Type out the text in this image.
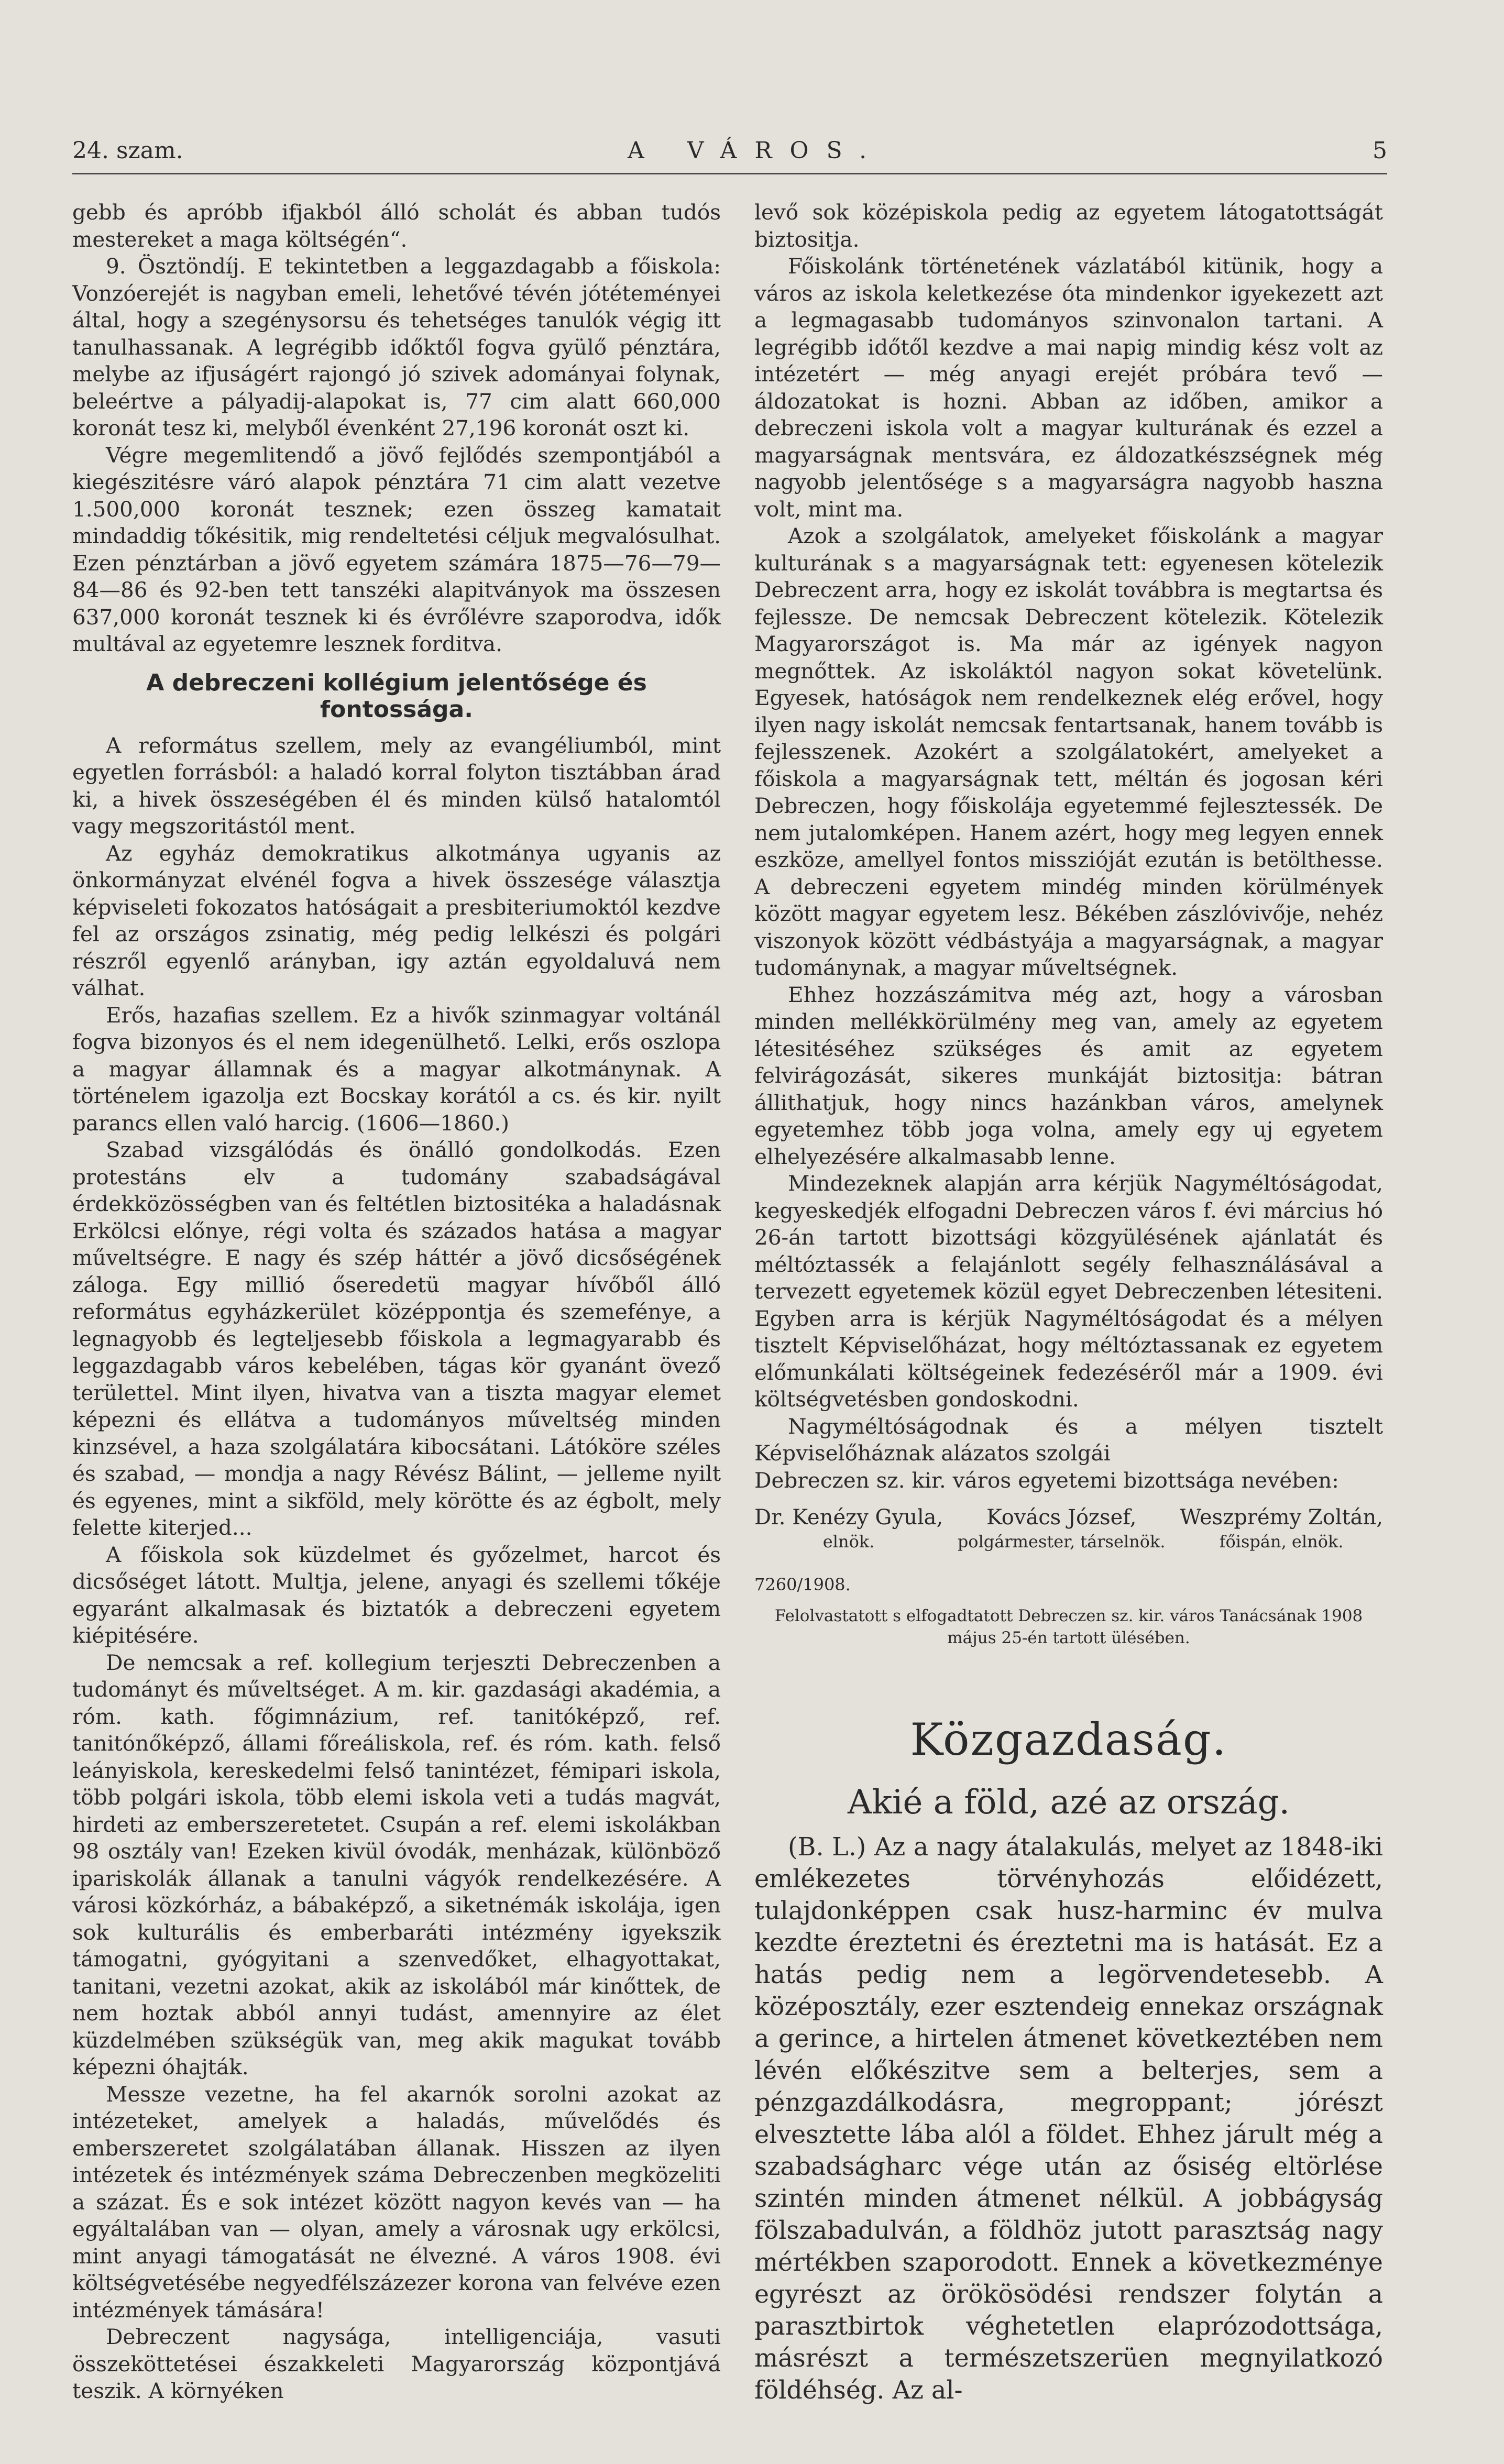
24. szam.	A VÁROS.	5

gebb és apróbb ifjakból álló scholát és abban tudós mestereket a maga költségén“.

9. Ösztöndíj. E tekintetben a leggazdagabb a főiskola: Vonzóerejét is nagyban emeli, lehetővé tévén jótéteményei által, hogy a szegénysorsu és tehetséges tanulók végig itt tanulhassanak. A legrégibb időktől fogva gyülő pénztára, melybe az ifjuságért rajongó jó szivek adományai folynak, beleértve a pályadij-alapokat is, 77 cim alatt 660,000 koronát tesz ki, melyből évenként 27,196 koronát oszt ki.

Végre megemlitendő a jövő fejlődés szempontjából a kiegészitésre váró alapok pénztára 71 cim alatt vezetve 1.500,000 koronát tesznek; ezen összeg kamatait mindaddig tőkésitik, mig rendeltetési céljuk megvalósulhat. Ezen pénztárban a jövő egyetem számára 1875—76—79—84—86 és 92-ben tett tanszéki alapitványok ma összesen 637,000 koronát tesznek ki és évrőlévre szaporodva, idők multával az egyetemre lesznek forditva.

A debreczeni kollégium jelentősége és fontossága.

A református szellem, mely az evangéliumból, mint egyetlen forrásból: a haladó korral folyton tisztábban árad ki, a hivek összeségében él és minden külső hatalomtól vagy megszoritástól ment.

Az egyház demokratikus alkotmánya ugyanis az önkormányzat elvénél fogva a hivek összesége választja képviseleti fokozatos hatóságait a presbiteriumoktól kezdve fel az országos zsinatig, még pedig lelkészi és polgári részről egyenlő arányban, igy aztán egyoldaluvá nem válhat.

Erős, hazafias szellem. Ez a hivők szinmagyar voltánál fogva bizonyos és el nem idegenülhető. Lelki, erős oszlopa a magyar államnak és a magyar alkotmánynak. A történelem igazolja ezt Bocskay korától a cs. és kir. nyilt parancs ellen való harcig. (1606—1860.)

Szabad vizsgálódás és önálló gondolkodás. Ezen protestáns elv a tudomány szabadságával érdekközösségben van és feltétlen biztositéka a haladásnak Erkölcsi előnye, régi volta és százados hatása a magyar műveltségre. E nagy és szép háttér a jövő dicsőségének záloga. Egy millió őseredetü magyar hívőből álló református egyházkerület középpontja és szemefénye, a legnagyobb és legteljesebb főiskola a legmagyarabb és leggazdagabb város kebelében, tágas kör gyanánt övező területtel. Mint ilyen, hivatva van a tiszta magyar elemet képezni és ellátva a tudományos műveltség minden kinzsével, a haza szolgálatára kibocsátani. Látóköre széles és szabad, — mondja a nagy Révész Bálint, — jelleme nyilt és egyenes, mint a sikföld, mely körötte és az égbolt, mely felette kiterjed...

A főiskola sok küzdelmet és győzelmet, harcot és dicsőséget látott. Multja, jelene, anyagi és szellemi tőkéje egyaránt alkalmasak és biztatók a debreczeni egyetem kiépitésére.

De nemcsak a ref. kollegium terjeszti Debreczenben a tudományt és műveltséget. A m. kir. gazdasági akadémia, a róm. kath. főgimnázium, ref. tanitóképző, ref. tanitónőképző, állami főreáliskola, ref. és róm. kath. felső leányiskola, kereskedelmi felső tanintézet, fémipari iskola, több polgári iskola, több elemi iskola veti a tudás magvát, hirdeti az emberszeretetet. Csupán a ref. elemi iskolákban 98 osztály van! Ezeken kivül óvodák, menházak, különböző ipariskolák állanak a tanulni vágyók rendelkezésére. A városi közkórház, a bábaképző, a siketnémák iskolája, igen sok kulturális és emberbaráti intézmény igyekszik támogatni, gyógyitani a szenvedőket, elhagyottakat, tanitani, vezetni azokat, akik az iskolából már kinőttek, de nem hoztak abból annyi tudást, amennyire az élet küzdelmében szükségük van, meg akik magukat tovább képezni óhajták.

Messze vezetne, ha fel akarnók sorolni azokat az intézeteket, amelyek a haladás, művelődés és emberszeretet szolgálatában állanak. Hisszen az ilyen intézetek és intézmények száma Debreczenben megközeliti a százat. És e sok intézet között nagyon kevés van — ha egyáltalában van — olyan, amely a városnak ugy erkölcsi, mint anyagi támogatását ne élvezné. A város 1908. évi költségvetésébe negyedfélszázezer korona van felvéve ezen intézmények támására!

Debreczent nagysága, intelligenciája, vasuti összeköttetései északkeleti Magyarország központjává teszik. A környéken

levő sok középiskola pedig az egyetem látogatottságát biztositja.

Főiskolánk történetének vázlatából kitünik, hogy a város az iskola keletkezése óta mindenkor igyekezett azt a legmagasabb tudományos szinvonalon tartani. A legrégibb időtől kezdve a mai napig mindig kész volt az intézetért — még anyagi erejét próbára tevő — áldozatokat is hozni. Abban az időben, amikor a debreczeni iskola volt a magyar kulturának és ezzel a magyarságnak mentsvára, ez áldozatkészségnek még nagyobb jelentősége s a magyarságra nagyobb haszna volt, mint ma.

Azok a szolgálatok, amelyeket főiskolánk a magyar kulturának s a magyarságnak tett: egyenesen kötelezik Debreczent arra, hogy ez iskolát továbbra is megtartsa és fejlessze. De nemcsak Debreczent kötelezik. Kötelezik Magyarországot is. Ma már az igények nagyon megnőttek. Az iskoláktól nagyon sokat követelünk. Egyesek, hatóságok nem rendelkeznek elég erővel, hogy ilyen nagy iskolát nemcsak fentartsanak, hanem tovább is fejlesszenek. Azokért a szolgálatokért, amelyeket a főiskola a magyarságnak tett, méltán és jogosan kéri Debreczen, hogy főiskolája egyetemmé fejlesztessék. De nem jutalomképen. Hanem azért, hogy meg legyen ennek eszköze, amellyel fontos misszióját ezután is betölthesse. A debreczeni egyetem mindég minden körülmények között magyar egyetem lesz. Békében zászlóvivője, nehéz viszonyok között védbástyája a magyarságnak, a magyar tudománynak, a magyar műveltségnek.

Ehhez hozzászámitva még azt, hogy a városban minden mellékkörülmény meg van, amely az egyetem létesitéséhez szükséges és amit az egyetem felvirágozását, sikeres munkáját biztositja: bátran állithatjuk, hogy nincs hazánkban város, amelynek egyetemhez több joga volna, amely egy uj egyetem elhelyezésére alkalmasabb lenne.

Mindezeknek alapján arra kérjük Nagyméltóságodat, kegyeskedjék elfogadni Debreczen város f. évi március hó 26-án tartott bizottsági közgyülésének ajánlatát és méltóztassék a felajánlott segély felhasználásával a tervezett egyetemek közül egyet Debreczenben létesiteni. Egyben arra is kérjük Nagyméltóságodat és a mélyen tisztelt Képviselőházat, hogy méltóztassanak ez egyetem előmunkálati költségeinek fedezéséről már a 1909. évi költségvetésben gondoskodni.

Nagyméltóságodnak és a mélyen tisztelt Képviselőháznak alázatos szolgái

Debreczen sz. kir. város egyetemi bizottsága nevében:

Dr. Kenézy Gyula,
elnök.
Kovács József,
polgármester, társelnök.
Weszprémy Zoltán,
főispán, elnök.
7260/1908.
Felolvastatott s elfogadtatott Debreczen sz. kir. város Tanácsának 1908 május 25-én tartott ülésében.
Közgazdaság.
Akié a föld, azé az ország.

(B. L.) Az a nagy átalakulás, melyet az 1848-iki emlékezetes törvényhozás előidézett, tulajdonképpen csak husz-harminc év mulva kezdte éreztetni és éreztetni ma is hatását. Ez a hatás pedig nem a legörvendetesebb. A középosztály, ezer esztendeig ennekaz országnak a gerince, a hirtelen átmenet következtében nem lévén előkészitve sem a belterjes, sem a pénzgazdálkodásra, megroppant; jórészt elvesztette lába alól a földet. Ehhez járult még a szabadságharc vége után az ősiség eltörlése szintén minden átmenet nélkül. A jobbágyság fölszabadulván, a földhöz jutott parasztság nagy mértékben szaporodott. Ennek a következménye egyrészt az örökösödési rendszer folytán a parasztbirtok véghetetlen elaprózodottsága, másrészt a természetszerüen megnyilatkozó földéhség. Az al-
